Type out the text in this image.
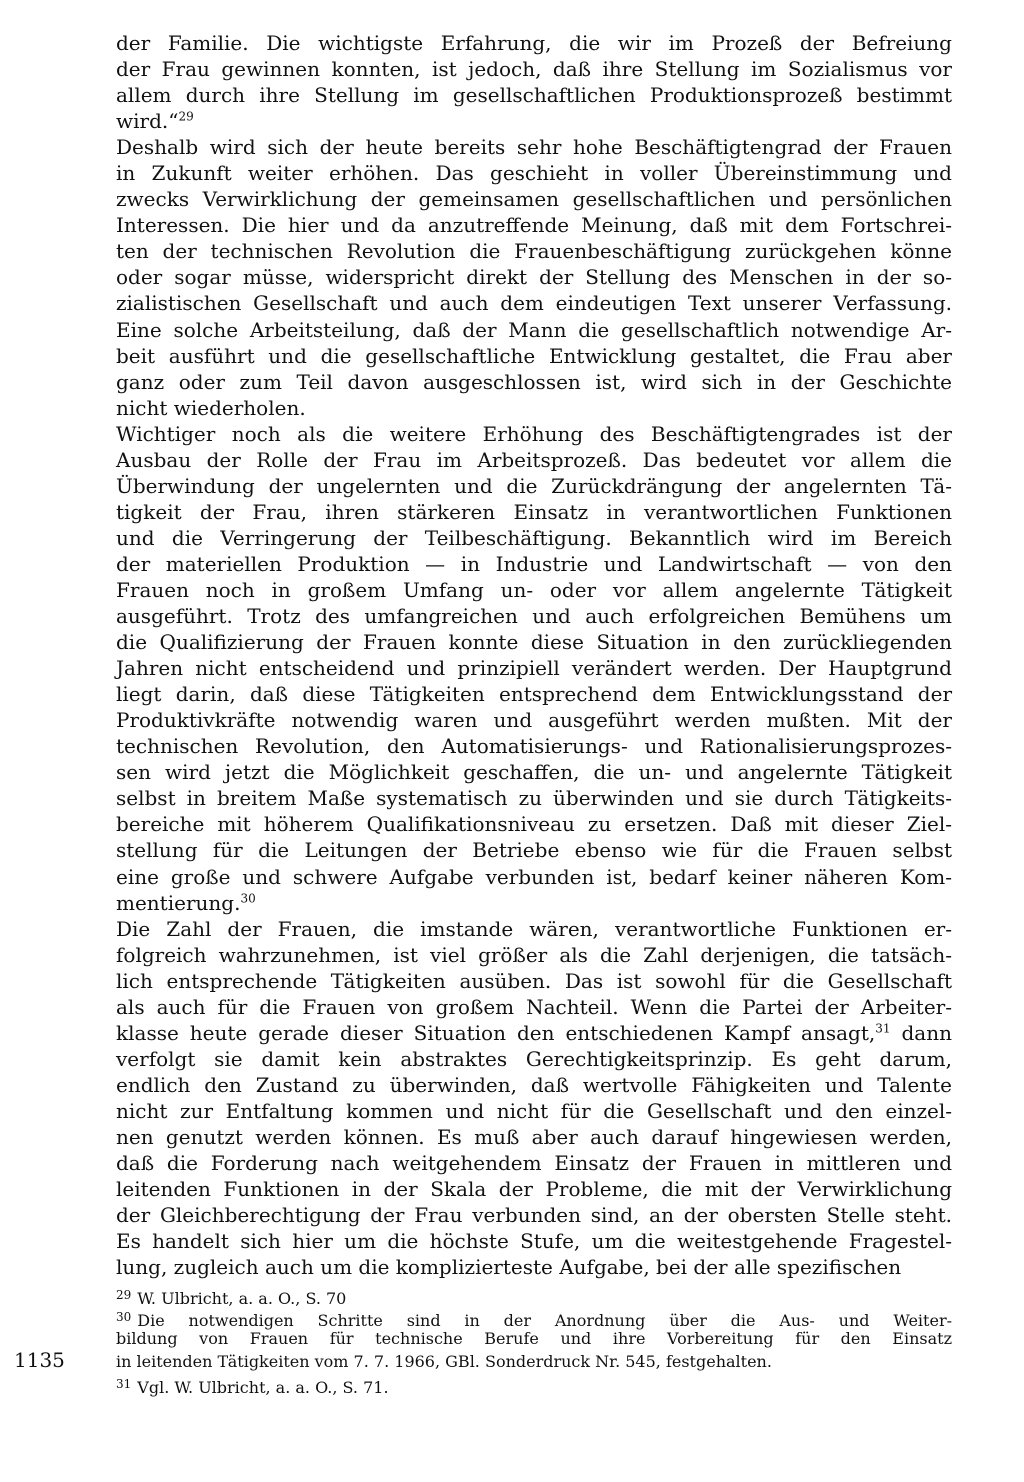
der Familie. Die wichtigste Erfahrung, die wir im Prozeß der Befreiung
der Frau gewinnen konnten, ist jedoch, daß ihre Stellung im Sozialismus vor
allem durch ihre Stellung im gesellschaftlichen Produktionsprozeß bestimmt
wird.“$^{29}$
Deshalb wird sich der heute bereits sehr hohe Beschäftigtengrad der Frauen
in Zukunft weiter erhöhen. Das geschieht in voller Übereinstimmung und
zwecks Verwirklichung der gemeinsamen gesellschaftlichen und persönlichen
Interessen. Die hier und da anzutreffende Meinung, daß mit dem Fortschrei-
ten der technischen Revolution die Frauenbeschäftigung zurückgehen könne
oder sogar müsse, widerspricht direkt der Stellung des Menschen in der so-
zialistischen Gesellschaft und auch dem eindeutigen Text unserer Verfassung.
Eine solche Arbeitsteilung, daß der Mann die gesellschaftlich notwendige Ar-
beit ausführt und die gesellschaftliche Entwicklung gestaltet, die Frau aber
ganz oder zum Teil davon ausgeschlossen ist, wird sich in der Geschichte
nicht wiederholen.
Wichtiger noch als die weitere Erhöhung des Beschäftigtengrades ist der
Ausbau der Rolle der Frau im Arbeitsprozeß. Das bedeutet vor allem die
Überwindung der ungelernten und die Zurückdrängung der angelernten Tä-
tigkeit der Frau, ihren stärkeren Einsatz in verantwortlichen Funktionen
und die Verringerung der Teilbeschäftigung. Bekanntlich wird im Bereich
der materiellen Produktion — in Industrie und Landwirtschaft — von den
Frauen noch in großem Umfang un- oder vor allem angelernte Tätigkeit
ausgeführt. Trotz des umfangreichen und auch erfolgreichen Bemühens um
die Qualifizierung der Frauen konnte diese Situation in den zurückliegenden
Jahren nicht entscheidend und prinzipiell verändert werden. Der Hauptgrund
liegt darin, daß diese Tätigkeiten entsprechend dem Entwicklungsstand der
Produktivkräfte notwendig waren und ausgeführt werden mußten. Mit der
technischen Revolution, den Automatisierungs- und Rationalisierungsprozes-
sen wird jetzt die Möglichkeit geschaffen, die un- und angelernte Tätigkeit
selbst in breitem Maße systematisch zu überwinden und sie durch Tätigkeits-
bereiche mit höherem Qualifikationsniveau zu ersetzen. Daß mit dieser Ziel-
stellung für die Leitungen der Betriebe ebenso wie für die Frauen selbst
eine große und schwere Aufgabe verbunden ist, bedarf keiner näheren Kom-
mentierung.$^{30}$
Die Zahl der Frauen, die imstande wären, verantwortliche Funktionen er-
folgreich wahrzunehmen, ist viel größer als die Zahl derjenigen, die tatsäch-
lich entsprechende Tätigkeiten ausüben. Das ist sowohl für die Gesellschaft
als auch für die Frauen von großem Nachteil. Wenn die Partei der Arbeiter-
klasse heute gerade dieser Situation den entschiedenen Kampf ansagt,$^{31}$ dann
verfolgt sie damit kein abstraktes Gerechtigkeitsprinzip. Es geht darum,
endlich den Zustand zu überwinden, daß wertvolle Fähigkeiten und Talente
nicht zur Entfaltung kommen und nicht für die Gesellschaft und den einzel-
nen genutzt werden können. Es muß aber auch darauf hingewiesen werden,
daß die Forderung nach weitgehendem Einsatz der Frauen in mittleren und
leitenden Funktionen in der Skala der Probleme, die mit der Verwirklichung
der Gleichberechtigung der Frau verbunden sind, an der obersten Stelle steht.
Es handelt sich hier um die höchste Stufe, um die weitestgehende Fragestel-
lung, zugleich auch um die komplizierteste Aufgabe, bei der alle spezifischen
$^{29}$ W. Ulbricht, a. a. O., S. 70
$^{30}$ Die notwendigen Schritte sind in der Anordnung über die Aus- und Weiter-
bildung von Frauen für technische Berufe und ihre Vorbereitung für den Einsatz
in leitenden Tätigkeiten vom 7. 7. 1966, GBl. Sonderdruck Nr. 545, festgehalten.
$^{31}$ Vgl. W. Ulbricht, a. a. O., S. 71.
1135
